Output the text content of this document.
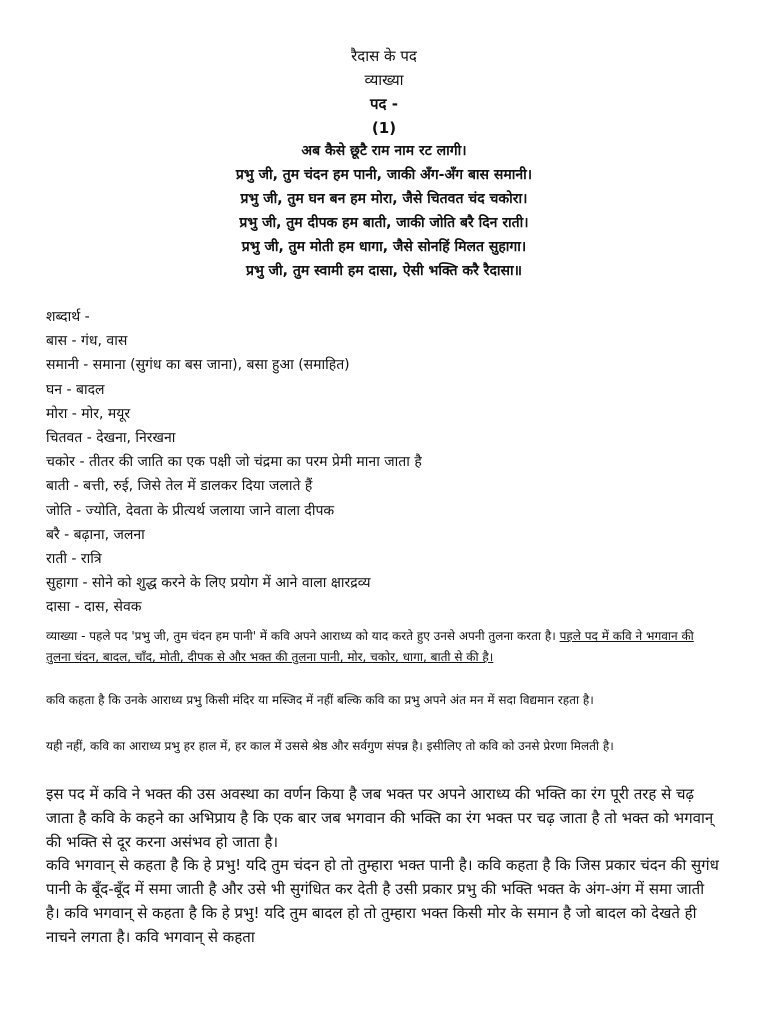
रैदास के पद

व्याख्या

पद -

(1)

अब कैसे छूटै राम नाम रट लागी।

प्रभु जी, तुम चंदन हम पानी, जाकी अँग-अँग बास समानी।

प्रभु जी, तुम घन बन हम मोरा, जैसे चितवत चंद चकोरा।

प्रभु जी, तुम दीपक हम बाती, जाकी जोति बरै दिन राती।

प्रभु जी, तुम मोती हम धागा, जैसे सोनहिं मिलत सुहागा।

प्रभु जी, तुम स्वामी हम दासा, ऐसी भक्ति करै रैदासा॥

शब्दार्थ -

बास - गंध, वास

समानी - समाना (सुगंध का बस जाना), बसा हुआ (समाहित)

घन - बादल

मोरा - मोर, मयूर

चितवत - देखना, निरखना

चकोर - तीतर की जाति का एक पक्षी जो चंद्रमा का परम प्रेमी माना जाता है

बाती - बत्ती, रुई, जिसे तेल में डालकर दिया जलाते हैं

जोति - ज्योति, देवता के प्रीत्यर्थ जलाया जाने वाला दीपक

बरै - बढ़ाना, जलना

राती - रात्रि

सुहागा - सोने को शुद्ध करने के लिए प्रयोग में आने वाला क्षारद्रव्य

दासा - दास, सेवक

व्याख्या - पहले पद 'प्रभु जी, तुम चंदन हम पानी' में कवि अपने आराध्य को याद करते हुए उनसे अपनी तुलना करता है। पहले पद में कवि ने भगवान की तुलना चंदन, बादल, चाँद, मोती, दीपक से और भक्त की तुलना पानी, मोर, चकोर, धागा, बाती से की है।

कवि कहता है कि उनके आराध्य प्रभु किसी मंदिर या मस्जिद में नहीं बल्कि कवि का प्रभु अपने अंत मन में सदा विद्यमान रहता है।

यही नहीं, कवि का आराध्य प्रभु हर हाल में, हर काल में उससे श्रेष्ठ और सर्वगुण संपन्न है। इसीलिए तो कवि को उनसे प्रेरणा मिलती है।

इस पद में कवि ने भक्त की उस अवस्था का वर्णन किया है जब भक्त पर अपने आराध्य की भक्ति का रंग पूरी तरह से चढ़ जाता है कवि के कहने का अभिप्राय है कि एक बार जब भगवान की भक्ति का रंग भक्त पर चढ़ जाता है तो भक्त को भगवान् की भक्ति से दूर करना असंभव हो जाता है।

कवि भगवान् से कहता है कि हे प्रभु! यदि तुम चंदन हो तो तुम्हारा भक्त पानी है। कवि कहता है कि जिस प्रकार चंदन की सुगंध पानी के बूँद-बूँद में समा जाती है और उसे भी सुगंधित कर देती है उसी प्रकार प्रभु की भक्ति भक्त के अंग-अंग में समा जाती है। कवि भगवान् से कहता है कि हे प्रभु! यदि तुम बादल हो तो तुम्हारा भक्त किसी मोर के समान है जो बादल को देखते ही नाचने लगता है। कवि भगवान् से कहता
